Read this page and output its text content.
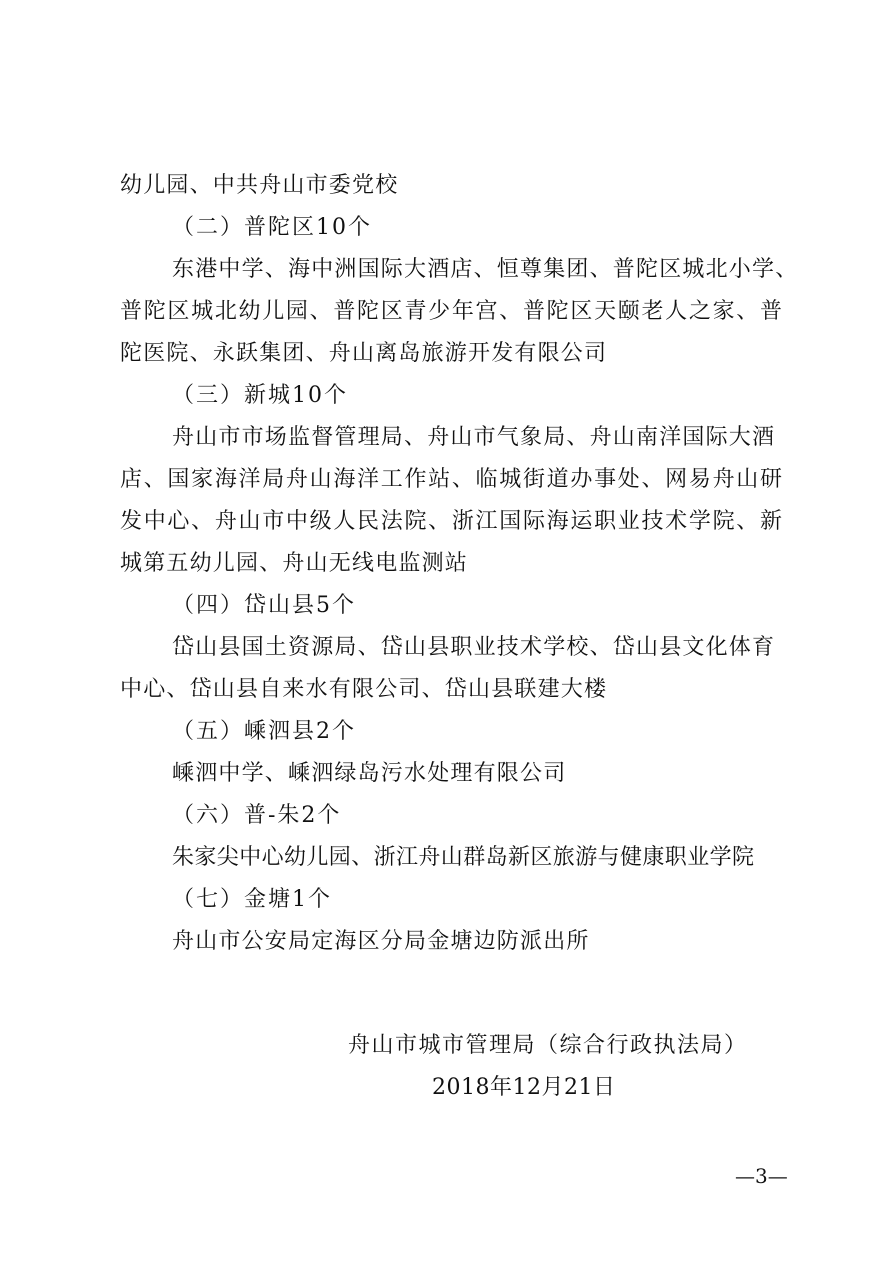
幼儿园、中共舟山市委党校
（二）普陀区10个
东港中学、海中洲国际大酒店、恒尊集团、普陀区城北小学、
普 陀 区 城 北 幼 儿 园 、 普 陀 区 青 少 年 宫 、 普 陀 区 天 颐 老 人 之 家 、 普
陀医院、永跃集团、舟山离岛旅游开发有限公司
（三）新城10个
舟山市市场监督管理局、舟山市气象局、舟山南洋国际大酒
店 、 国 家 海 洋 局 舟 山 海 洋 工 作 站 、 临 城 街 道 办 事 处 、 网 易 舟 山 研
发 中 心 、 舟 山 市 中 级 人 民 法 院 、 浙 江 国 际 海 运 职 业 技 术 学 院 、 新
城第五幼儿园、舟山无线电监测站
（四）岱山县5个
岱山县国土资源局、岱山县职业技术学校、岱山县文化体育
中心、岱山县自来水有限公司、岱山县联建大楼
（五）嵊泗县2个
嵊泗中学、嵊泗绿岛污水处理有限公司
（六）普-朱2个
朱家尖中心幼儿园、浙江舟山群岛新区旅游与健康职业学院
（七）金塘1个
舟山市公安局定海区分局金塘边防派出所
舟山市城市管理局（综合行政执法局）
2018年12月21日
—3—
